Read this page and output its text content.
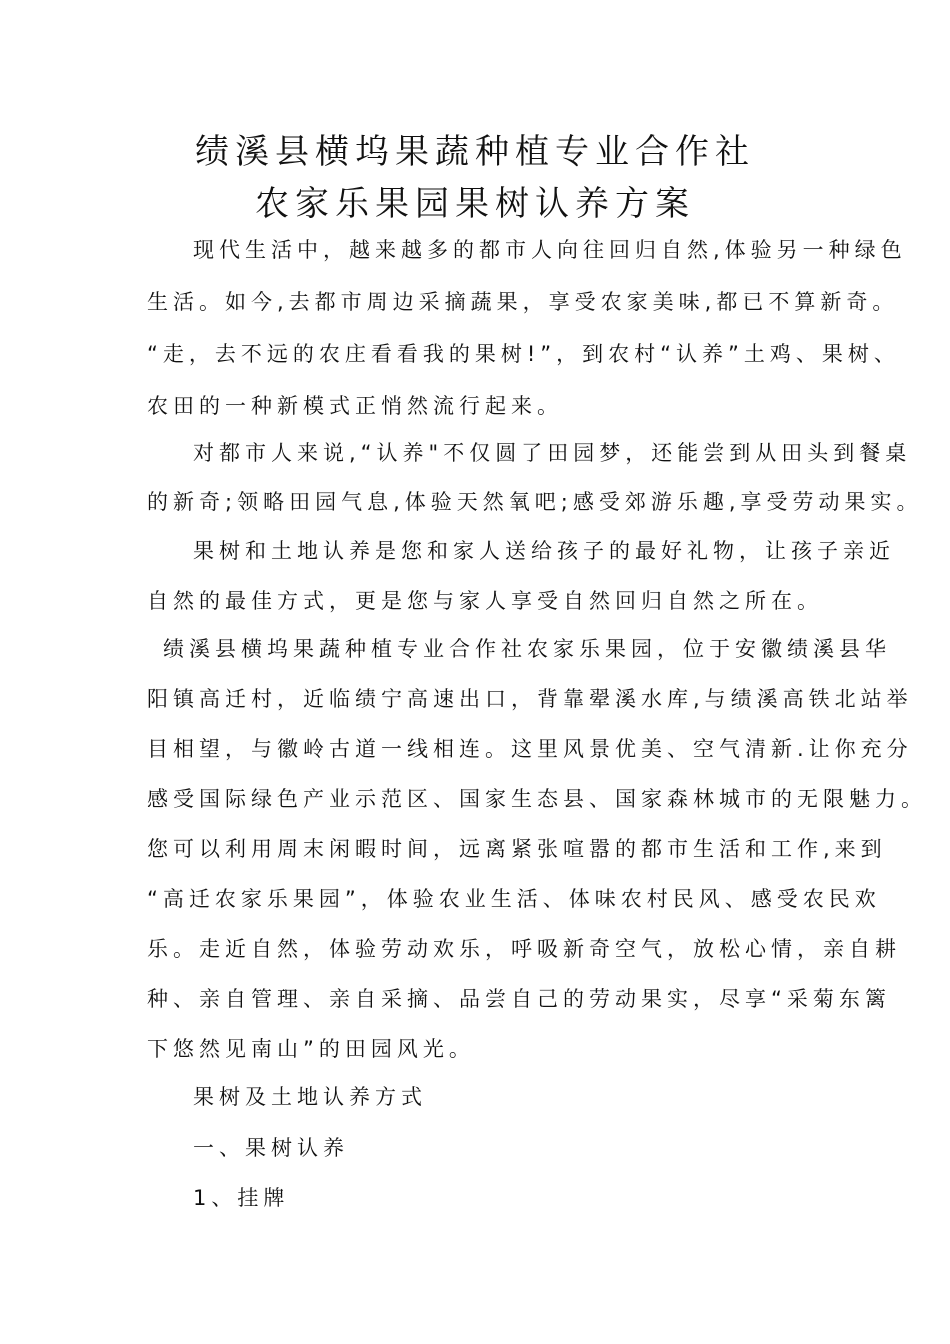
绩溪县横坞果蔬种植专业合作社
农家乐果园果树认养方案

现代生活中，越来越多的都市人向往回归自然,体验另一种绿色

生活。如今,去都市周边采摘蔬果，享受农家美味,都已不算新奇。

“走，去不远的农庄看看我的果树!”，到农村“认养”土鸡、果树、

农田的一种新模式正悄然流行起来。

对都市人来说,“认养"不仅圆了田园梦，还能尝到从田头到餐桌

的新奇;领略田园气息,体验天然氧吧;感受郊游乐趣,享受劳动果实。

果树和土地认养是您和家人送给孩子的最好礼物，让孩子亲近

自然的最佳方式，更是您与家人享受自然回归自然之所在。

绩溪县横坞果蔬种植专业合作社农家乐果园，位于安徽绩溪县华

阳镇高迁村，近临绩宁高速出口，背靠翚溪水库,与绩溪高铁北站举

目相望，与徽岭古道一线相连。这里风景优美、空气清新.让你充分

感受国际绿色产业示范区、国家生态县、国家森林城市的无限魅力。

您可以利用周末闲暇时间，远离紧张喧嚣的都市生活和工作,来到

“高迁农家乐果园”，体验农业生活、体味农村民风、感受农民欢

乐。走近自然，体验劳动欢乐，呼吸新奇空气，放松心情，亲自耕

种、亲自管理、亲自采摘、品尝自己的劳动果实，尽享“采菊东篱

下悠然见南山”的田园风光。

果树及土地认养方式

一、果树认养

1、挂牌
